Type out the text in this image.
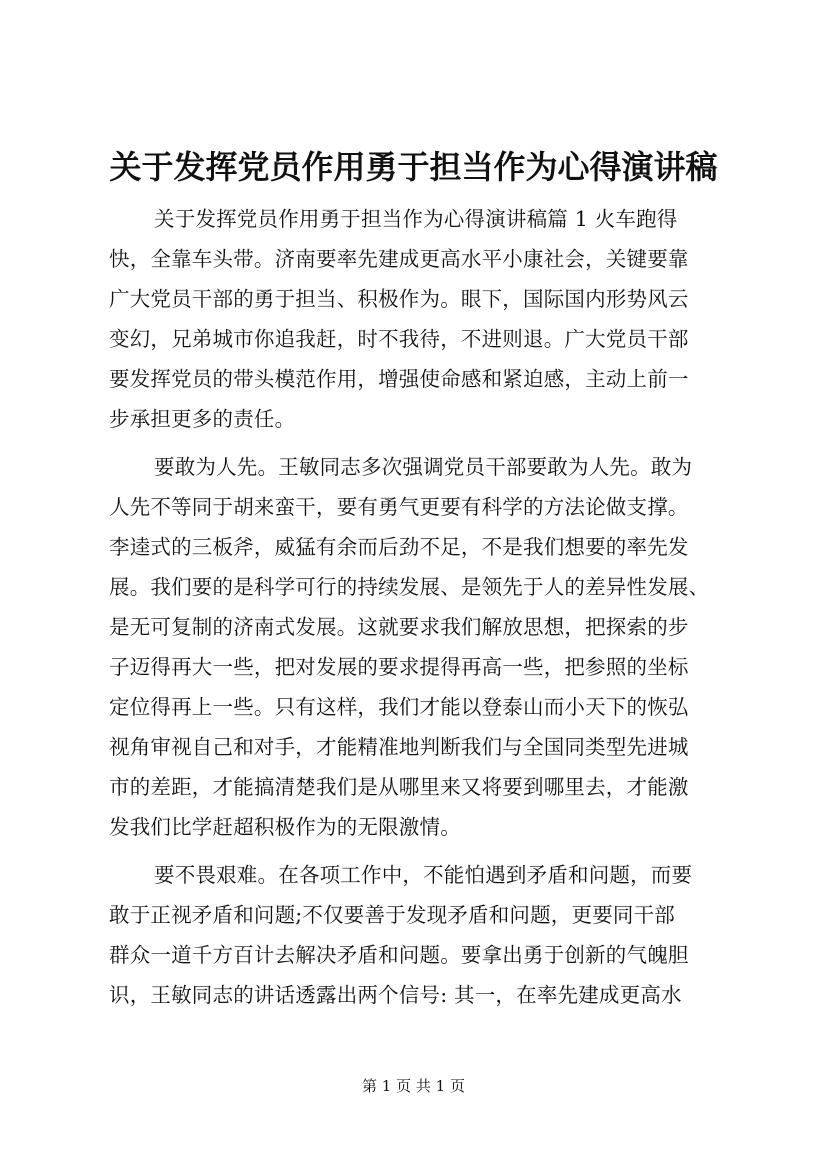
关于发挥党员作用勇于担当作为心得演讲稿
关于发挥党员作用勇于担当作为心得演讲稿篇 1 火车跑得
快，全靠车头带。济南要率先建成更高水平小康社会，关键要靠
广大党员干部的勇于担当、积极作为。眼下，国际国内形势风云
变幻，兄弟城市你追我赶，时不我待，不进则退。广大党员干部
要发挥党员的带头模范作用，增强使命感和紧迫感，主动上前一
步承担更多的责任。
要敢为人先。王敏同志多次强调党员干部要敢为人先。敢为
人先不等同于胡来蛮干，要有勇气更要有科学的方法论做支撑。
李逵式的三板斧，威猛有余而后劲不足，不是我们想要的率先发
展。我们要的是科学可行的持续发展、是领先于人的差异性发展、
是无可复制的济南式发展。这就要求我们解放思想，把探索的步
子迈得再大一些，把对发展的要求提得再高一些，把参照的坐标
定位得再上一些。只有这样，我们才能以登泰山而小天下的恢弘
视角审视自己和对手，才能精准地判断我们与全国同类型先进城
市的差距，才能搞清楚我们是从哪里来又将要到哪里去，才能激
发我们比学赶超积极作为的无限激情。
要不畏艰难。在各项工作中，不能怕遇到矛盾和问题，而要
敢于正视矛盾和问题;不仅要善于发现矛盾和问题，更要同干部
群众一道千方百计去解决矛盾和问题。要拿出勇于创新的气魄胆
识，王敏同志的讲话透露出两个信号: 其一，在率先建成更高水
第 1 页 共 1 页
